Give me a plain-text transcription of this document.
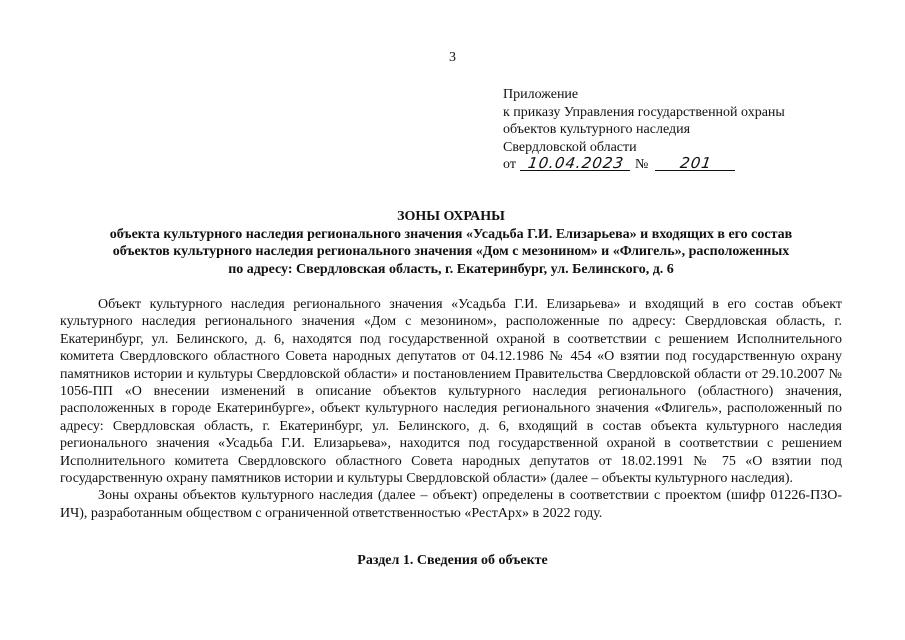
3
Приложение
к приказу Управления государственной охраны
объектов культурного наследия
Свердловской области
от 10.04.2023 № 201
ЗОНЫ ОХРАНЫ
объекта культурного наследия регионального значения «Усадьба Г.И. Елизарьева» и входящих в его состав
объектов культурного наследия регионального значения «Дом с мезонином» и «Флигель», расположенных
по адресу: Свердловская область, г. Екатеринбург, ул. Белинского, д. 6

Объект культурного наследия регионального значения «Усадьба Г.И. Елизарьева» и входящий в его состав объект культурного наследия регионального значения «Дом с мезонином», расположенные по адресу: Свердловская область, г. Екатеринбург, ул. Белинского, д. 6, находятся под государственной охраной в соответствии с решением Исполнительного комитета Свердловского областного Совета народных депутатов от 04.12.1986 № 454 «О взятии под государственную охрану памятников истории и культуры Свердловской области» и постановлением Правительства Свердловской области от 29.10.2007 № 1056-ПП «О внесении изменений в описание объектов культурного наследия регионального (областного) значения, расположенных в городе Екатеринбурге», объект культурного наследия регионального значения «Флигель», расположенный по адресу: Свердловская область, г. Екатеринбург, ул. Белинского, д. 6, входящий в состав объекта культурного наследия регионального значения «Усадьба Г.И. Елизарьева», находится под государственной охраной в соответствии с решением Исполнительного комитета Свердловского областного Совета народных депутатов от 18.02.1991 № 75 «О взятии под государственную охрану памятников истории и культуры Свердловской области» (далее – объекты культурного наследия).

Зоны охраны объектов культурного наследия (далее – объект) определены в соответствии с проектом (шифр 01226-ПЗО-ИЧ), разработанным обществом с ограниченной ответственностью «РестАрх» в 2022 году.

Раздел 1. Сведения об объекте
